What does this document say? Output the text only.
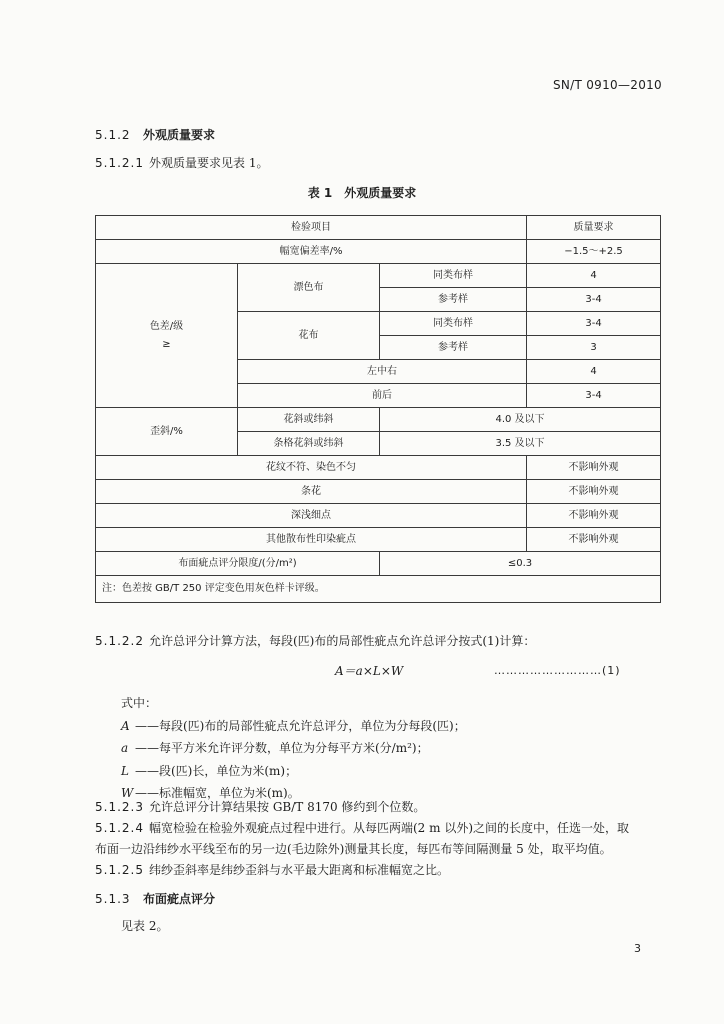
SN/T 0910—2010
5.1.2 外观质量要求
5.1.2.1 外观质量要求见表 1。
表 1　外观质量要求
检验项目			质量要求
幅宽偏差率/%			−1.5～+2.5

色差/级
≥	漂色布	同类布样	4
		参考样	3-4
	花布	同类布样	3-4
		参考样	3
	左中右		4
	前后		3-4
歪斜/%	花斜或纬斜	4.0 及以下	
	条格花斜或纬斜	3.5 及以下	
花纹不符、染色不匀			不影响外观
条花			不影响外观
深浅细点			不影响外观
其他散布性印染疵点			不影响外观
布面疵点评分限度/(分/m²)		≤0.3	
注：色差按 GB/T 250 评定变色用灰色样卡评级。			
5.1.2.2 允许总评分计算方法，每段(匹)布的局部性疵点允许总评分按式(1)计算：
A＝a×L×W	………………………(1)
式中：
A ——每段(匹)布的局部性疵点允许总评分，单位为分每段(匹)；
a ——每平方米允许评分数，单位为分每平方米(分/m²)；
L ——段(匹)长，单位为米(m)；
W ——标准幅宽，单位为米(m)。
5.1.2.3 允许总评分计算结果按 GB/T 8170 修约到个位数。
5.1.2.4 幅宽检验在检验外观疵点过程中进行。从每匹两端(2 m 以外)之间的长度中，任选一处，取
布面一边沿纬纱水平线至布的另一边(毛边除外)测量其长度，每匹布等间隔测量 5 处，取平均值。
5.1.2.5 纬纱歪斜率是纬纱歪斜与水平最大距离和标准幅宽之比。
5.1.3 布面疵点评分
见表 2。
3
